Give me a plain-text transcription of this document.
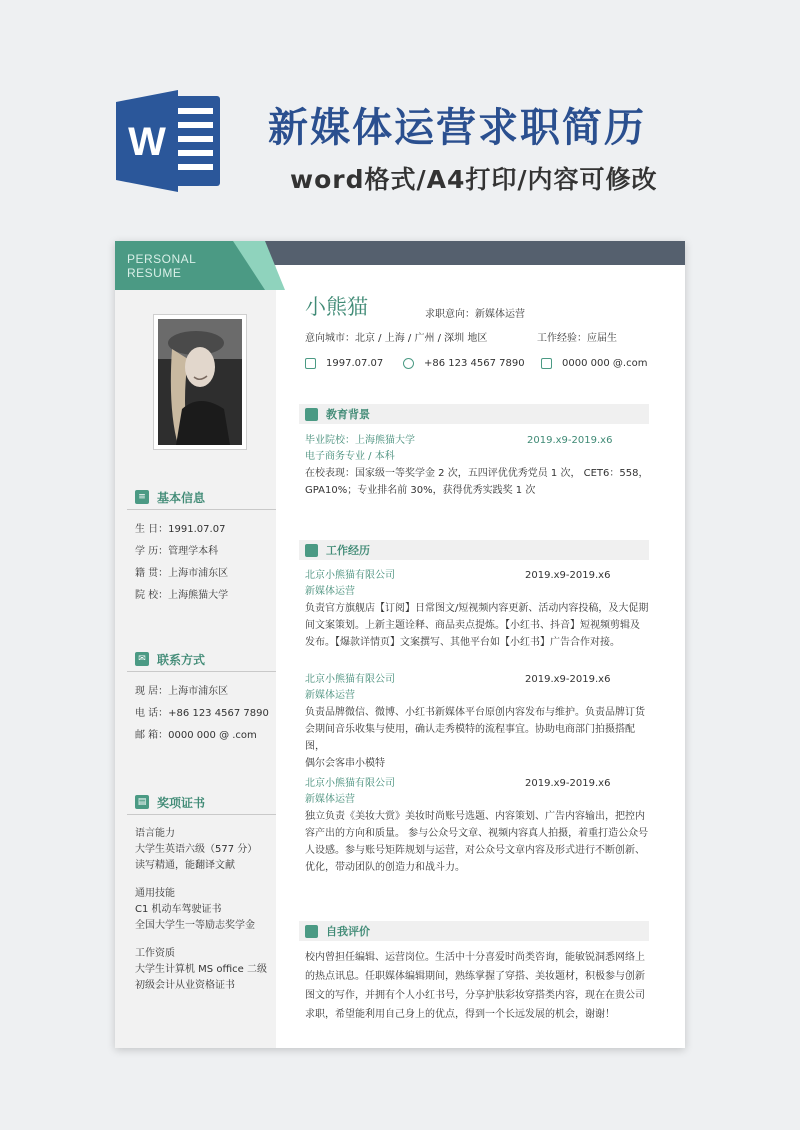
W	新媒体运营求职简历
word格式/A4打印/内容可修改
PERSONAL
RESUME
≡ 基本信息
生 日：1991.07.07
学 历：管理学本科
籍 贯：上海市浦东区
院 校：上海熊猫大学
✉ 联系方式
现 居：上海市浦东区
电 话：+86 123 4567 7890
邮 箱：0000 000 @ .com
▤ 奖项证书
语言能力
大学生英语六级（577 分）
读写精通，能翻译文献
通用技能
C1 机动车驾驶证书
全国大学生一等励志奖学金
工作资质
大学生计算机 MS office 二级
初级会计从业资格证书
小熊猫	求职意向：新媒体运营
意向城市：北京 / 上海 / 广州 / 深圳 地区	工作经验：应届生
1997.07.07	+86 123 4567 7890	0000 000 @.com
教育背景
毕业院校：上海熊猫大学	2019.x9-2019.x6
电子商务专业 / 本科
在校表现：国家级一等奖学金 2 次，五四评优优秀党员 1 次， CET6：558，
GPA10%；专业排名前 30%，获得优秀实践奖 1 次
工作经历
北京小熊猫有限公司	2019.x9-2019.x6
新媒体运营
负责官方旗舰店【订阅】日常图文/短视频内容更新、活动内容投稿，及大促期
间文案策划。上新主题诠释、商品卖点提炼。【小红书、抖音】短视频剪辑及
发布。【爆款详情页】文案撰写、其他平台如【小红书】广告合作对接。
北京小熊猫有限公司	2019.x9-2019.x6
新媒体运营
负责品牌微信、微博、小红书新媒体平台原创内容发布与维护。负责品牌订货
会期间音乐收集与使用，确认走秀模特的流程事宜。协助电商部门拍摄搭配图，
偶尔会客串小模特
北京小熊猫有限公司	2019.x9-2019.x6
新媒体运营
独立负责《美妆大赏》美妆时尚账号选题、内容策划、广告内容输出，把控内
容产出的方向和质量。 参与公众号文章、视频内容真人拍摄，着重打造公众号
人设感。参与账号矩阵规划与运营，对公众号文章内容及形式进行不断创新、
优化，带动团队的创造力和战斗力。
自我评价
校内曾担任编辑、运营岗位。生活中十分喜爱时尚类咨询，能敏锐洞悉网络上
的热点讯息。任职媒体编辑期间，熟练掌握了穿搭、美妆题材，积极参与创新
图文的写作，并拥有个人小红书号，分享护肤彩妆穿搭类内容，现在在贵公司
求职，希望能利用自己身上的优点，得到一个长远发展的机会，谢谢！
